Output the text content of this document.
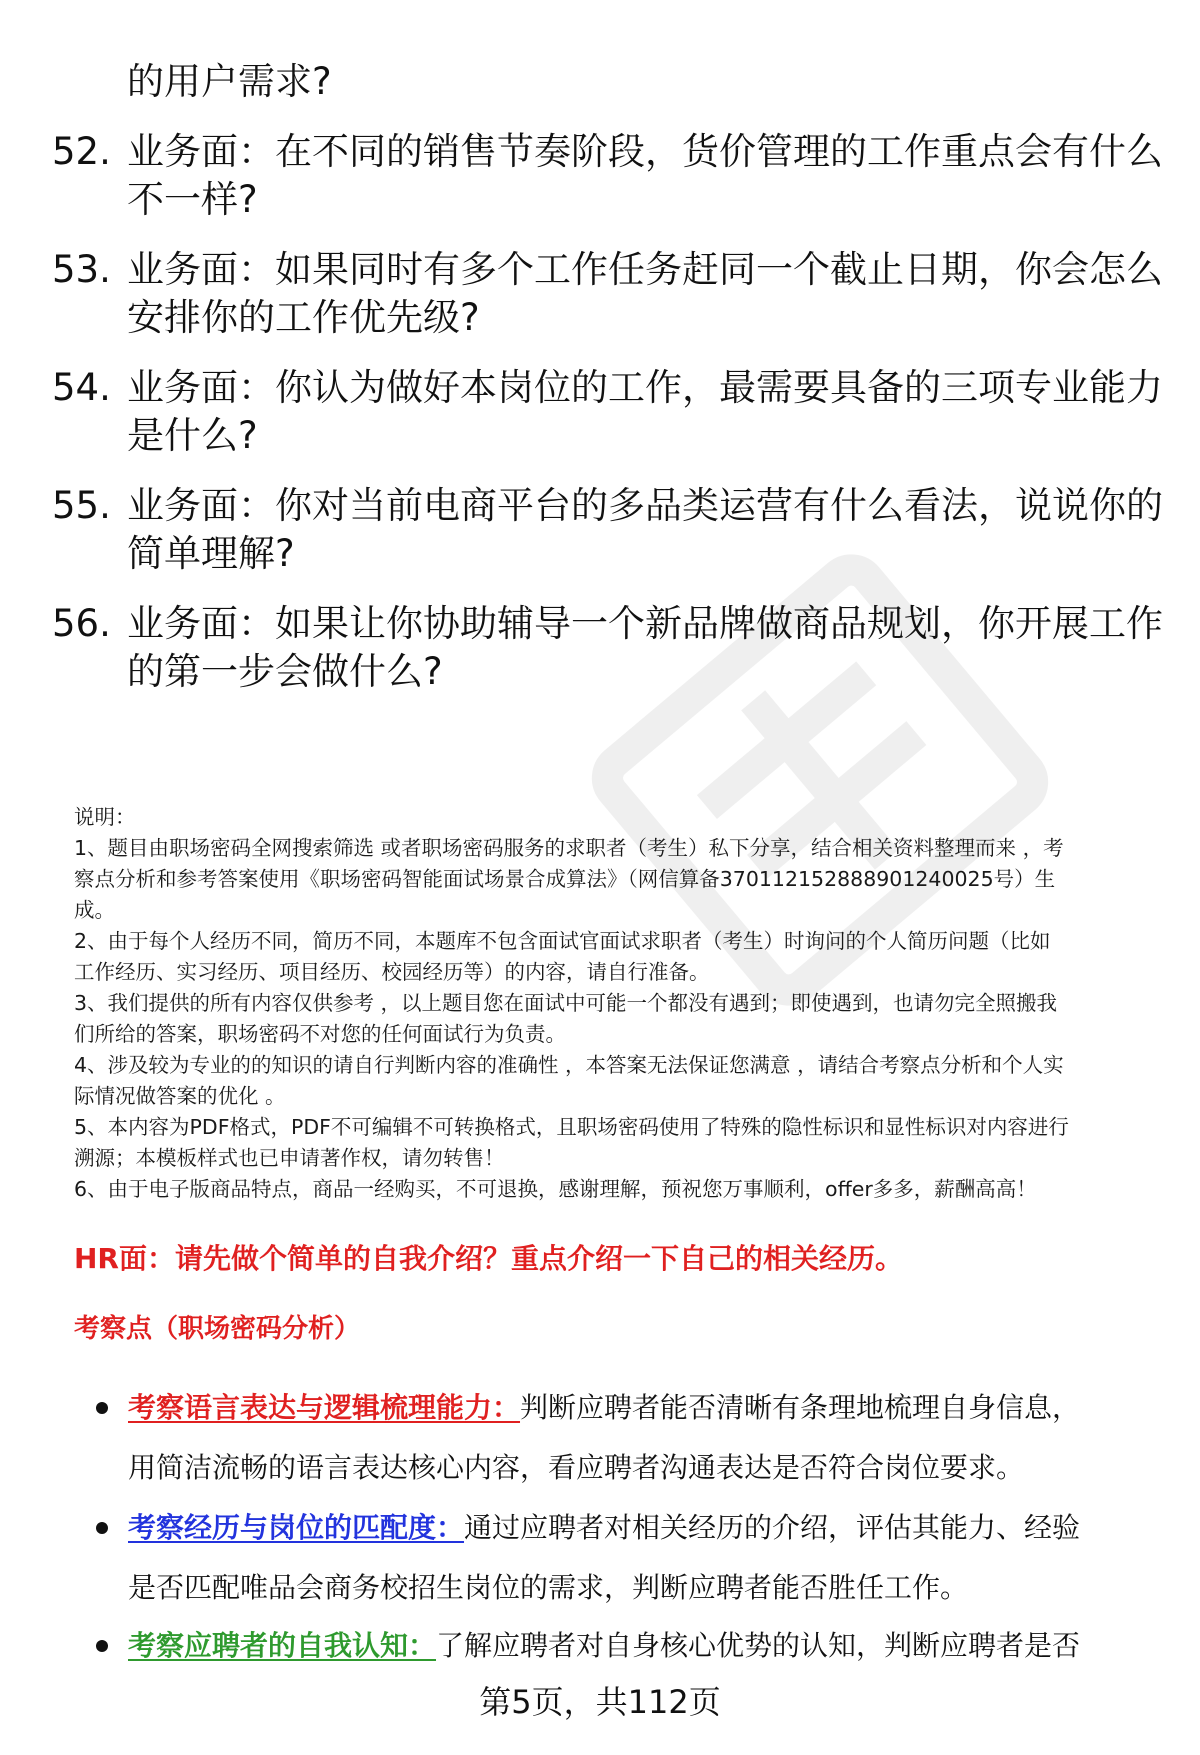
的用户需求?
52. 业务面：在不同的销售节奏阶段，货价管理的工作重点会有什么
不一样?
53. 业务面：如果同时有多个工作任务赶同一个截止日期，你会怎么
安排你的工作优先级?
54. 业务面：你认为做好本岗位的工作，最需要具备的三项专业能力
是什么?
55. 业务面：你对当前电商平台的多品类运营有什么看法，说说你的
简单理解?
56. 业务面：如果让你协助辅导一个新品牌做商品规划，你开展工作
的第一步会做什么?
说明：
1、题目由职场密码全网搜索筛选 或者职场密码服务的求职者（考生）私下分享，结合相关资料整理而来 ，考
察点分析和参考答案使用《职场密码智能面试场景合成算法》（网信算备370112152888901240025号）生
成。
2、由于每个人经历不同，简历不同，本题库不包含面试官面试求职者（考生）时询问的个人简历问题（比如
工作经历、实习经历、项目经历、校园经历等）的内容，请自行准备。
3、我们提供的所有内容仅供参考 ，以上题目您在面试中可能一个都没有遇到；即使遇到，也请勿完全照搬我
们所给的答案，职场密码不对您的任何面试行为负责。
4、涉及较为专业的的知识的请自行判断内容的准确性 ，本答案无法保证您满意 ，请结合考察点分析和个人实
际情况做答案的优化 。
5、本内容为PDF格式，PDF不可编辑不可转换格式，且职场密码使用了特殊的隐性标识和显性标识对内容进行
溯源；本模板样式也已申请著作权，请勿转售！
6、由于电子版商品特点，商品一经购买，不可退换，感谢理解，预祝您万事顺利，offer多多，薪酬高高！
HR面：请先做个简单的自我介绍？重点介绍一下自己的相关经历。
考察点（职场密码分析）
考察语言表达与逻辑梳理能力：判断应聘者能否清晰有条理地梳理自身信息，
用简洁流畅的语言表达核心内容，看应聘者沟通表达是否符合岗位要求。
考察经历与岗位的匹配度：通过应聘者对相关经历的介绍，评估其能力、经验
是否匹配唯品会商务校招生岗位的需求，判断应聘者能否胜任工作。
考察应聘者的自我认知：了解应聘者对自身核心优势的认知，判断应聘者是否
第5页，共112页
